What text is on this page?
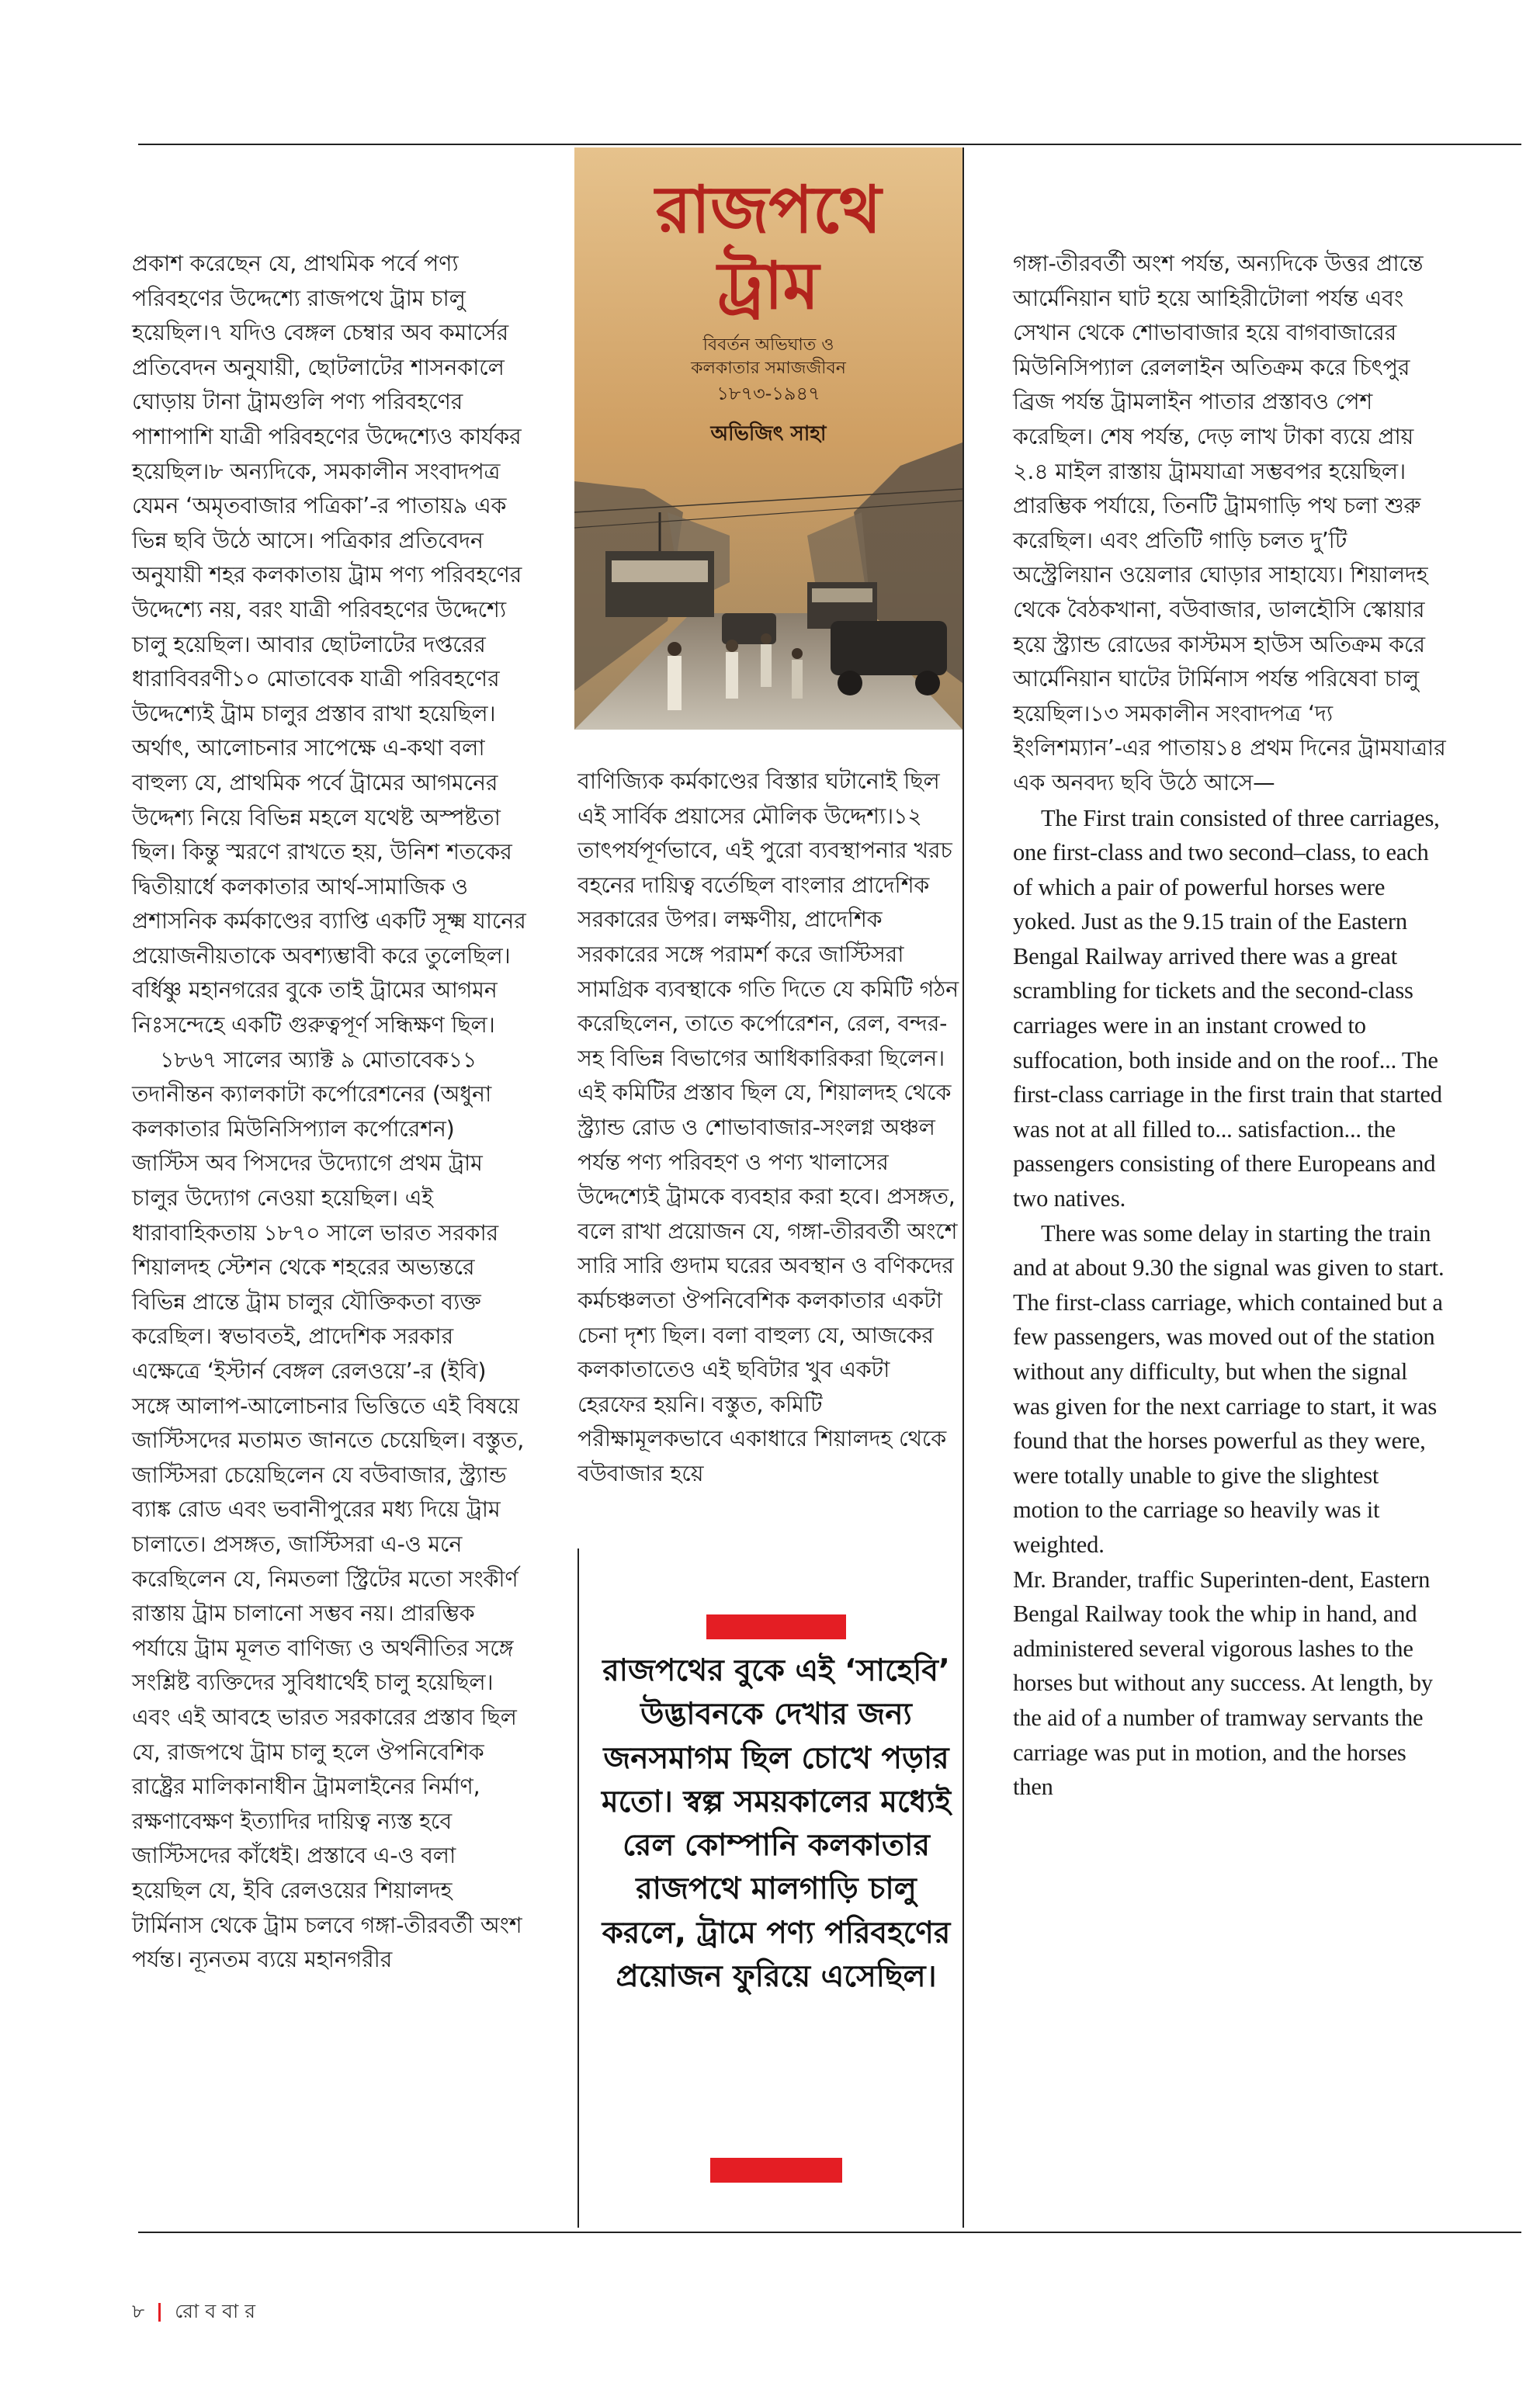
প্রকাশ করেছেন যে, প্রাথমিক পর্বে পণ্য পরিবহণের উদ্দেশ্যে রাজপথে ট্রাম চালু হয়েছিল।৭ যদিও বেঙ্গল চেম্বার অব কমার্সের প্রতিবেদন অনুযায়ী, ছোটলাটের শাসনকালে ঘোড়ায় টানা ট্রামগুলি পণ্য পরিবহণের পাশাপাশি যাত্রী পরিবহণের উদ্দেশ্যেও কার্যকর হয়েছিল।৮ অন্যদিকে, সমকালীন সংবাদপত্র যেমন ‘অমৃতবাজার পত্রিকা’-র পাতায়৯ এক ভিন্ন ছবি উঠে আসে। পত্রিকার প্রতিবেদন অনুযায়ী শহর কলকাতায় ট্রাম পণ্য পরিবহণের উদ্দেশ্যে নয়, বরং যাত্রী পরিবহণের উদ্দেশ্যে চালু হয়েছিল। আবার ছোটলাটের দপ্তরের ধারাবিবরণী১০ মোতাবেক যাত্রী পরিবহণের উদ্দেশ্যেই ট্রাম চালুর প্রস্তাব রাখা হয়েছিল। অর্থাৎ, আলোচনার সাপেক্ষে এ-কথা বলা বাহুল্য যে, প্রাথমিক পর্বে ট্রামের আগমনের উদ্দেশ্য নিয়ে বিভিন্ন মহলে যথেষ্ট অস্পষ্টতা ছিল। কিন্তু স্মরণে রাখতে হয়, উনিশ শতকের দ্বিতীয়ার্ধে কলকাতার আর্থ-সামাজিক ও প্রশাসনিক কর্মকাণ্ডের ব্যাপ্তি একটি সূক্ষ্ম যানের প্রয়োজনীয়তাকে অবশ্যম্ভাবী করে তুলেছিল। বর্ধিষ্ণু মহানগরের বুকে তাই ট্রামের আগমন নিঃসন্দেহে একটি গুরুত্বপূর্ণ সন্ধিক্ষণ ছিল।

১৮৬৭ সালের অ্যাক্ট ৯ মোতাবেক১১ তদানীন্তন ক্যালকাটা কর্পোরেশনের (অধুনা কলকাতার মিউনিসিপ্যাল কর্পোরেশন) জাস্টিস অব পিসদের উদ্যোগে প্রথম ট্রাম চালুর উদ্যোগ নেওয়া হয়েছিল। এই ধারাবাহিকতায় ১৮৭০ সালে ভারত সরকার শিয়ালদহ স্টেশন থেকে শহরের অভ্যন্তরে বিভিন্ন প্রান্তে ট্রাম চালুর যৌক্তিকতা ব্যক্ত করেছিল। স্বভাবতই, প্রাদেশিক সরকার এক্ষেত্রে ‘ইস্টার্ন বেঙ্গল রেলওয়ে’-র (ইবি) সঙ্গে আলাপ-আলোচনার ভিত্তিতে এই বিষয়ে জাস্টিসদের মতামত জানতে চেয়েছিল। বস্তুত, জাস্টিসরা চেয়েছিলেন যে বউবাজার, স্ট্র্যান্ড ব্যাঙ্ক রোড এবং ভবানীপুরের মধ্য দিয়ে ট্রাম চালাতে। প্রসঙ্গত, জাস্টিসরা এ-ও মনে করেছিলেন যে, নিমতলা স্ট্রিটের মতো সংকীর্ণ রাস্তায় ট্রাম চালানো সম্ভব নয়। প্রারম্ভিক পর্যায়ে ট্রাম মূলত বাণিজ্য ও অর্থনীতির সঙ্গে সংশ্লিষ্ট ব্যক্তিদের সুবিধার্থেই চালু হয়েছিল। এবং এই আবহে ভারত সরকারের প্রস্তাব ছিল যে, রাজপথে ট্রাম চালু হলে ঔপনিবেশিক রাষ্ট্রের মালিকানাধীন ট্রামলাইনের নির্মাণ, রক্ষণাবেক্ষণ ইত্যাদির দায়িত্ব ন্যস্ত হবে জাস্টিসদের কাঁধেই। প্রস্তাবে এ-ও বলা হয়েছিল যে, ইবি রেলওয়ের শিয়ালদহ টার্মিনাস থেকে ট্রাম চলবে গঙ্গা-তীরবর্তী অংশ পর্যন্ত। ন্যূনতম ব্যয়ে মহানগরীর

রাজপথে
ট্রাম
বিবর্তন অভিঘাত ও
কলকাতার সমাজজীবন
১৮৭৩-১৯৪৭
অভিজিৎ সাহা

বাণিজ্যিক কর্মকাণ্ডের বিস্তার ঘটানোই ছিল এই সার্বিক প্রয়াসের মৌলিক উদ্দেশ্য।১২ তাৎপর্যপূর্ণভাবে, এই পুরো ব্যবস্থাপনার খরচ বহনের দায়িত্ব বর্তেছিল বাংলার প্রাদেশিক সরকারের উপর। লক্ষণীয়, প্রাদেশিক সরকারের সঙ্গে পরামর্শ করে জাস্টিসরা সামগ্রিক ব্যবস্থাকে গতি দিতে যে কমিটি গঠন করেছিলেন, তাতে কর্পোরেশন, রেল, বন্দর-সহ বিভিন্ন বিভাগের আধিকারিকরা ছিলেন। এই কমিটির প্রস্তাব ছিল যে, শিয়ালদহ থেকে স্ট্র্যান্ড রোড ও শোভাবাজার-সংলগ্ন অঞ্চল পর্যন্ত পণ্য পরিবহণ ও পণ্য খালাসের উদ্দেশ্যেই ট্রামকে ব্যবহার করা হবে। প্রসঙ্গত, বলে রাখা প্রয়োজন যে, গঙ্গা-তীরবর্তী অংশে সারি সারি গুদাম ঘরের অবস্থান ও বণিকদের কর্মচঞ্চলতা ঔপনিবেশিক কলকাতার একটা চেনা দৃশ্য ছিল। বলা বাহুল্য যে, আজকের কলকাতাতেও এই ছবিটার খুব একটা হেরফের হয়নি। বস্তুত, কমিটি পরীক্ষামূলকভাবে একাধারে শিয়ালদহ থেকে বউবাজার হয়ে

রাজপথের বুকে এই ‘সাহেবি’ উদ্ভাবনকে দেখার জন্য জনসমাগম ছিল চোখে পড়ার মতো। স্বল্প সময়কালের মধ্যেই রেল কোম্পানি কলকাতার রাজপথে মালগাড়ি চালু করলে, ট্রামে পণ্য পরিবহণের প্রয়োজন ফুরিয়ে এসেছিল।

গঙ্গা-তীরবর্তী অংশ পর্যন্ত, অন্যদিকে উত্তর প্রান্তে আর্মেনিয়ান ঘাট হয়ে আহিরীটোলা পর্যন্ত এবং সেখান থেকে শোভাবাজার হয়ে বাগবাজারের মিউনিসিপ্যাল রেললাইন অতিক্রম করে চিৎপুর ব্রিজ পর্যন্ত ট্রামলাইন পাতার প্রস্তাবও পেশ করেছিল। শেষ পর্যন্ত, দেড় লাখ টাকা ব্যয়ে প্রায় ২.৪ মাইল রাস্তায় ট্রামযাত্রা সম্ভবপর হয়েছিল। প্রারম্ভিক পর্যায়ে, তিনটি ট্রামগাড়ি পথ চলা শুরু করেছিল। এবং প্রতিটি গাড়ি চলত দু’টি অস্ট্রেলিয়ান ওয়েলার ঘোড়ার সাহায্যে। শিয়ালদহ থেকে বৈঠকখানা, বউবাজার, ডালহৌসি স্কোয়ার হয়ে স্ট্র্যান্ড রোডের কাস্টমস হাউস অতিক্রম করে আর্মেনিয়ান ঘাটের টার্মিনাস পর্যন্ত পরিষেবা চালু হয়েছিল।১৩ সমকালীন সংবাদপত্র ‘দ্য ইংলিশম্যান’-এর পাতায়১৪ প্রথম দিনের ট্রামযাত্রার এক অনবদ্য ছবি উঠে আসে—

The First train consisted of three carriages, one first-class and two second–class, to each of which a pair of powerful horses were yoked. Just as the 9.15 train of the Eastern Bengal Railway arrived there was a great scrambling for tickets and the second-class carriages were in an instant crowed to suffocation, both inside and on the roof... The first-class carriage in the first train that started was not at all filled to... satisfaction... the passengers consisting of there Europeans and two natives.

There was some delay in starting the train and at about 9.30 the signal was given to start. The first-class carriage, which contained but a few passengers, was moved out of the station without any difficulty, but when the signal was given for the next carriage to start, it was found that the horses powerful as they were, were totally unable to give the slightest motion to the carriage so heavily was it weighted.

Mr. Brander, traffic Superinten-dent, Eastern Bengal Railway took the whip in hand, and administered several vigorous lashes to the horses but without any success. At length, by the aid of a number of tramway servants the carriage was put in motion, and the horses then

৮ রো ব বা র
